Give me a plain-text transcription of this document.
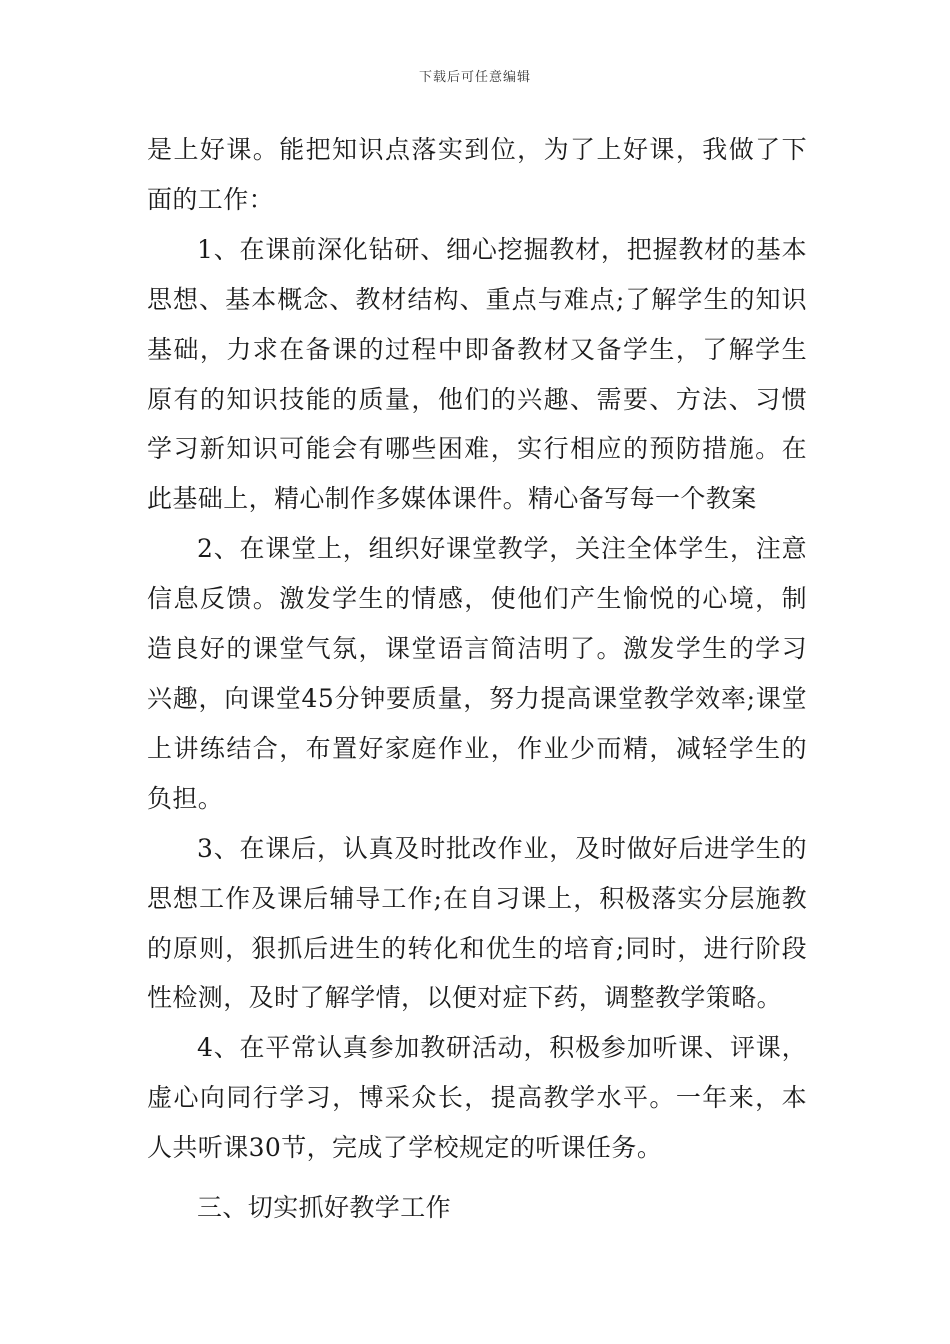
下载后可任意编辑

是上好课。能把知识点落实到位，为了上好课，我做了下面的工作：

1、在课前深化钻研、细心挖掘教材，把握教材的基本思想、基本概念、教材结构、重点与难点;了解学生的知识基础，力求在备课的过程中即备教材又备学生，了解学生原有的知识技能的质量，他们的兴趣、需要、方法、习惯学习新知识可能会有哪些困难，实行相应的预防措施。在此基础上，精心制作多媒体课件。精心备写每一个教案

2、在课堂上，组织好课堂教学，关注全体学生，注意信息反馈。激发学生的情感，使他们产生愉悦的心境，制造良好的课堂气氛，课堂语言简洁明了。激发学生的学习兴趣，向课堂45分钟要质量，努力提高课堂教学效率;课堂上讲练结合，布置好家庭作业，作业少而精，减轻学生的负担。

3、在课后，认真及时批改作业，及时做好后进学生的思想工作及课后辅导工作;在自习课上，积极落实分层施教的原则，狠抓后进生的转化和优生的培育;同时，进行阶段性检测，及时了解学情，以便对症下药，调整教学策略。

4、在平常认真参加教研活动，积极参加听课、评课，虚心向同行学习，博采众长，提高教学水平。一年来，本人共听课30节，完成了学校规定的听课任务。

三、切实抓好教学工作
